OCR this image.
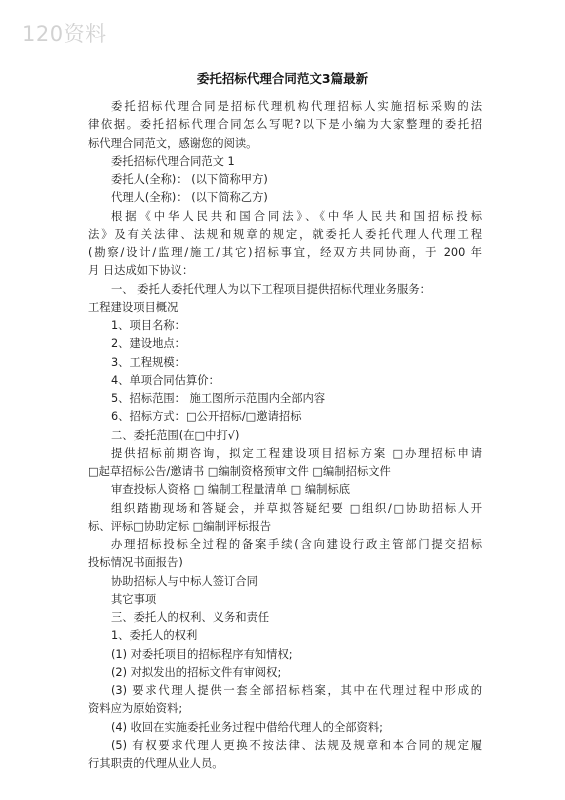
120资料
委托招标代理合同范文3篇最新
委托招标代理合同是招标代理机构代理招标人实施招标采购的法
律依据。委托招标代理合同怎么写呢?以下是小编为大家整理的委托招
标代理合同范文，感谢您的阅读。
委托招标代理合同范文 1
委托人(全称)： (以下简称甲方)
代理人(全称)： (以下简称乙方)
根据《中华人民共和国合同法》、《中华人民共和国招标投标
法》及有关法律、法规和规章的规定，就委托人委托代理人代理工程
(勘察/设计/监理/施工/其它)招标事宜，经双方共同协商，于 200 年
月 日达成如下协议：
一、 委托人委托代理人为以下工程项目提供招标代理业务服务：
工程建设项目概况
1、项目名称：
2、建设地点：
3、工程规模：
4、单项合同估算价：
5、招标范围： 施工图所示范围内全部内容
6、招标方式：□公开招标/□邀请招标
二、委托范围(在□中打√)
提供招标前期咨询，拟定工程建设项目招标方案 □办理招标申请
□起草招标公告/邀请书 □编制资格预审文件 □编制招标文件
审查投标人资格 □ 编制工程量清单 □ 编制标底
组织踏勘现场和答疑会，并草拟答疑纪要 □组织/□协助招标人开
标、评标□协助定标 □编制评标报告
办理招标投标全过程的备案手续(含向建设行政主管部门提交招标
投标情况书面报告)
协助招标人与中标人签订合同
其它事项
三、委托人的权利、义务和责任
1、委托人的权利
(1) 对委托项目的招标程序有知情权;
(2) 对拟发出的招标文件有审阅权;
(3) 要求代理人提供一套全部招标档案，其中在代理过程中形成的
资料应为原始资料;
(4) 收回在实施委托业务过程中借给代理人的全部资料;
(5) 有权要求代理人更换不按法律、法规及规章和本合同的规定履
行其职责的代理从业人员。
